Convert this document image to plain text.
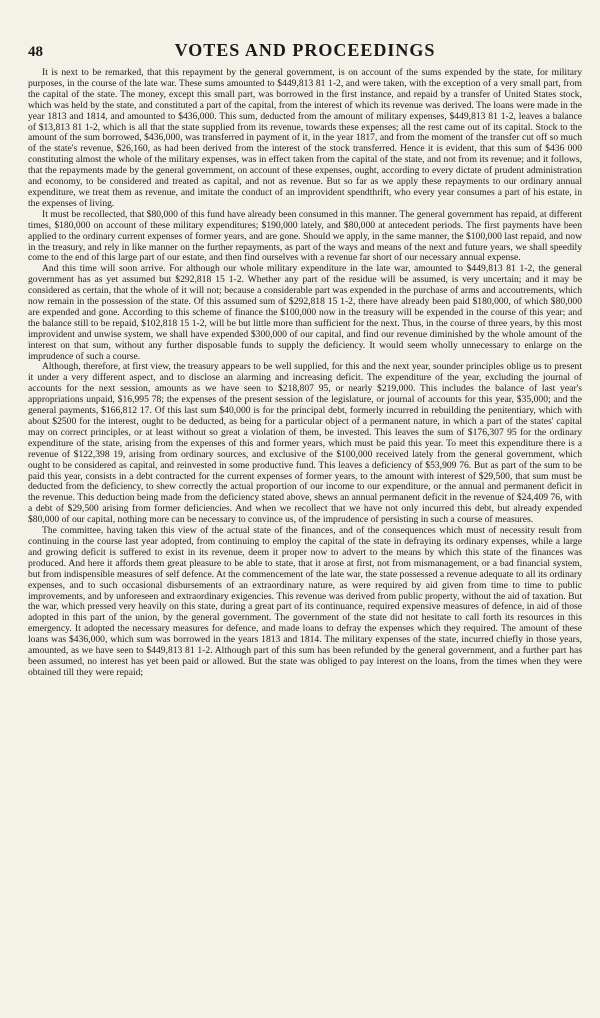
48	VOTES AND PROCEEDINGS

It is next to be remarked, that this repayment by the general government, is on account of the sums expended by the state, for military purposes, in the course of the late war. These sums amounted to $449,813 81 1-2, and were taken, with the exception of a very small part, from the capital of the state. The money, except this small part, was borrowed in the first instance, and repaid by a transfer of United States stock, which was held by the state, and constituted a part of the capital, from the interest of which its revenue was derived. The loans were made in the year 1813 and 1814, and amounted to $436,000. This sum, deducted from the amount of military expenses, $449,813 81 1-2, leaves a balance of $13,813 81 1-2, which is all that the state supplied from its revenue, towards these expenses; all the rest came out of its capital. Stock to the amount of the sum borrowed, $436,000, was transferred in payment of it, in the year 1817, and from the moment of the transfer cut off so much of the state's revenue, $26,160, as had been derived from the interest of the stock transferred. Hence it is evident, that this sum of $436 000 constituting almost the whole of the military expenses, was in effect taken from the capital of the state, and not from its revenue; and it follows, that the repayments made by the general government, on account of these expenses, ought, according to every dictate of prudent administration and economy, to be considered and treated as capital, and not as revenue. But so far as we apply these repayments to our ordinary annual expenditure, we treat them as revenue, and imitate the conduct of an improvident spendthrift, who every year consumes a part of his estate, in the expenses of living.

It must be recollected, that $80,000 of this fund have already been consumed in this manner. The general government has repaid, at different times, $180,000 on account of these military expenditures; $190,000 lately, and $80,000 at antecedent periods. The first payments have been applied to the ordinary current expenses of former years, and are gone. Should we apply, in the same manner, the $100,000 last repaid, and now in the treasury, and rely in like manner on the further repayments, as part of the ways and means of the next and future years, we shall speedily come to the end of this large part of our estate, and then find ourselves with a revenue far short of our necessary annual expense.

And this time will soon arrive. For although our whole military expenditure in the late war, amounted to $449,813 81 1-2, the general government has as yet assumed but $292,818 15 1-2. Whether any part of the residue will be assumed, is very uncertain; and it may be considered as certain, that the whole of it will not; because a considerable part was expended in the purchase of arms and accoutrements, which now remain in the possession of the state. Of this assumed sum of $292,818 15 1-2, there have already been paid $180,000, of which $80,000 are expended and gone. According to this scheme of finance the $100,000 now in the treasury will be expended in the course of this year; and the balance still to be repaid, $102,818 15 1-2, will be but little more than sufficient for the next. Thus, in the course of three years, by this most improvident and unwise system, we shall have expended $300,000 of our capital, and find our revenue diminished by the whole amount of the interest on that sum, without any further disposable funds to supply the deficiency. It would seem wholly unnecessary to enlarge on the imprudence of such a course.

Although, therefore, at first view, the treasury appears to be well supplied, for this and the next year, sounder principles oblige us to present it under a very different aspect, and to disclose an alarming and increasing deficit. The expenditure of the year, excluding the journal of accounts for the next session, amounts as we have seen to $218,807 95, or nearly $219,000. This includes the balance of last year's appropriations unpaid, $16,995 78; the expenses of the present session of the legislature, or journal of accounts for this year, $35,000; and the general payments, $166,812 17. Of this last sum $40,000 is for the principal debt, formerly incurred in rebuilding the penitentiary, which with about $2500 for the interest, ought to be deducted, as being for a particular object of a permanent nature, in which a part of the states' capital may on correct principles, or at least without so great a violation of them, be invested. This leaves the sum of $176,307 95 for the ordinary expenditure of the state, arising from the expenses of this and former years, which must be paid this year. To meet this expenditure there is a revenue of $122,398 19, arising from ordinary sources, and exclusive of the $100,000 received lately from the general government, which ought to be considered as capital, and reinvested in some productive fund. This leaves a deficiency of $53,909 76. But as part of the sum to be paid this year, consists in a debt contracted for the current expenses of former years, to the amount with interest of $29,500, that sum must be deducted from the deficiency, to shew correctly the actual proportion of our income to our expenditure, or the annual and permanent deficit in the revenue. This deduction being made from the deficiency stated above, shews an annual permanent deficit in the revenue of $24,409 76, with a debt of $29,500 arising from former deficiencies. And when we recollect that we have not only incurred this debt, but already expended $80,000 of our capital, nothing more can be necessary to convince us, of the imprudence of persisting in such a course of measures.

The committee, having taken this view of the actual state of the finances, and of the consequences which must of necessity result from continuing in the course last year adopted, from continuing to employ the capital of the state in defraying its ordinary expenses, while a large and growing deficit is suffered to exist in its revenue, deem it proper now to advert to the means by which this state of the finances was produced. And here it affords them great pleasure to be able to state, that it arose at first, not from mismanagement, or a bad financial system, but from indispensible measures of self defence. At the commencement of the late war, the state possessed a revenue adequate to all its ordinary expenses, and to such occasional disbursements of an extraordinary nature, as were required by aid given from time to time to public improvements, and by unforeseen and extraordinary exigencies. This revenue was derived from public property, without the aid of taxation. But the war, which pressed very heavily on this state, during a great part of its continuance, required expensive measures of defence, in aid of those adopted in this part of the union, by the general government. The government of the state did not hesitate to call forth its resources in this emergency. It adopted the necessary measures for defence, and made loans to defray the expenses which they required. The amount of these loans was $436,000, which sum was borrowed in the years 1813 and 1814. The military expenses of the state, incurred chiefly in those years, amounted, as we have seen to $449,813 81 1-2. Although part of this sum has been refunded by the general government, and a further part has been assumed, no interest has yet been paid or allowed. But the state was obliged to pay interest on the loans, from the times when they were obtained till they were repaid;
